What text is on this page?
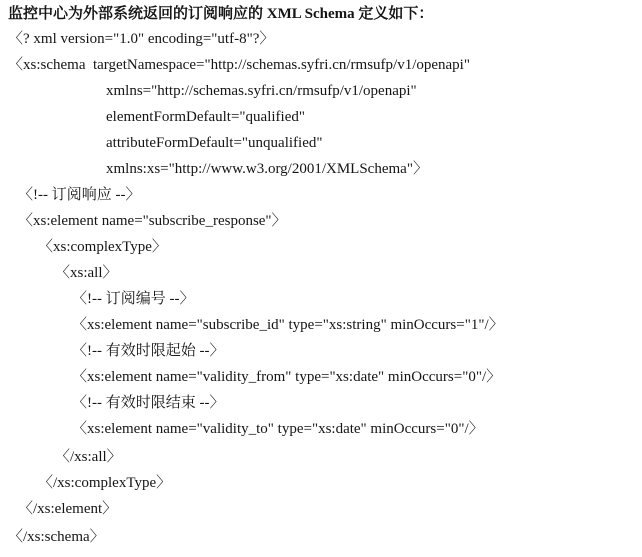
监控中心为外部系统返回的订阅响应的 XML Schema 定义如下：
〈? xml version="1.0" encoding="utf-8"?〉
〈xs:schema  targetNamespace="http://schemas.syfri.cn/rmsufp/v1/openapi"
xmlns="http://schemas.syfri.cn/rmsufp/v1/openapi"
elementFormDefault="qualified"
attributeFormDefault="unqualified"
xmlns:xs="http://www.w3.org/2001/XMLSchema"〉
〈!-- 订阅响应 --〉
〈xs:element name="subscribe_response"〉
〈xs:complexType〉
〈xs:all〉
〈!-- 订阅编号 --〉
〈xs:element name="subscribe_id" type="xs:string" minOccurs="1"/〉
〈!-- 有效时限起始 --〉
〈xs:element name="validity_from" type="xs:date" minOccurs="0"/〉
〈!-- 有效时限结束 --〉
〈xs:element name="validity_to" type="xs:date" minOccurs="0"/〉
〈/xs:all〉
〈/xs:complexType〉
〈/xs:element〉
〈/xs:schema〉
